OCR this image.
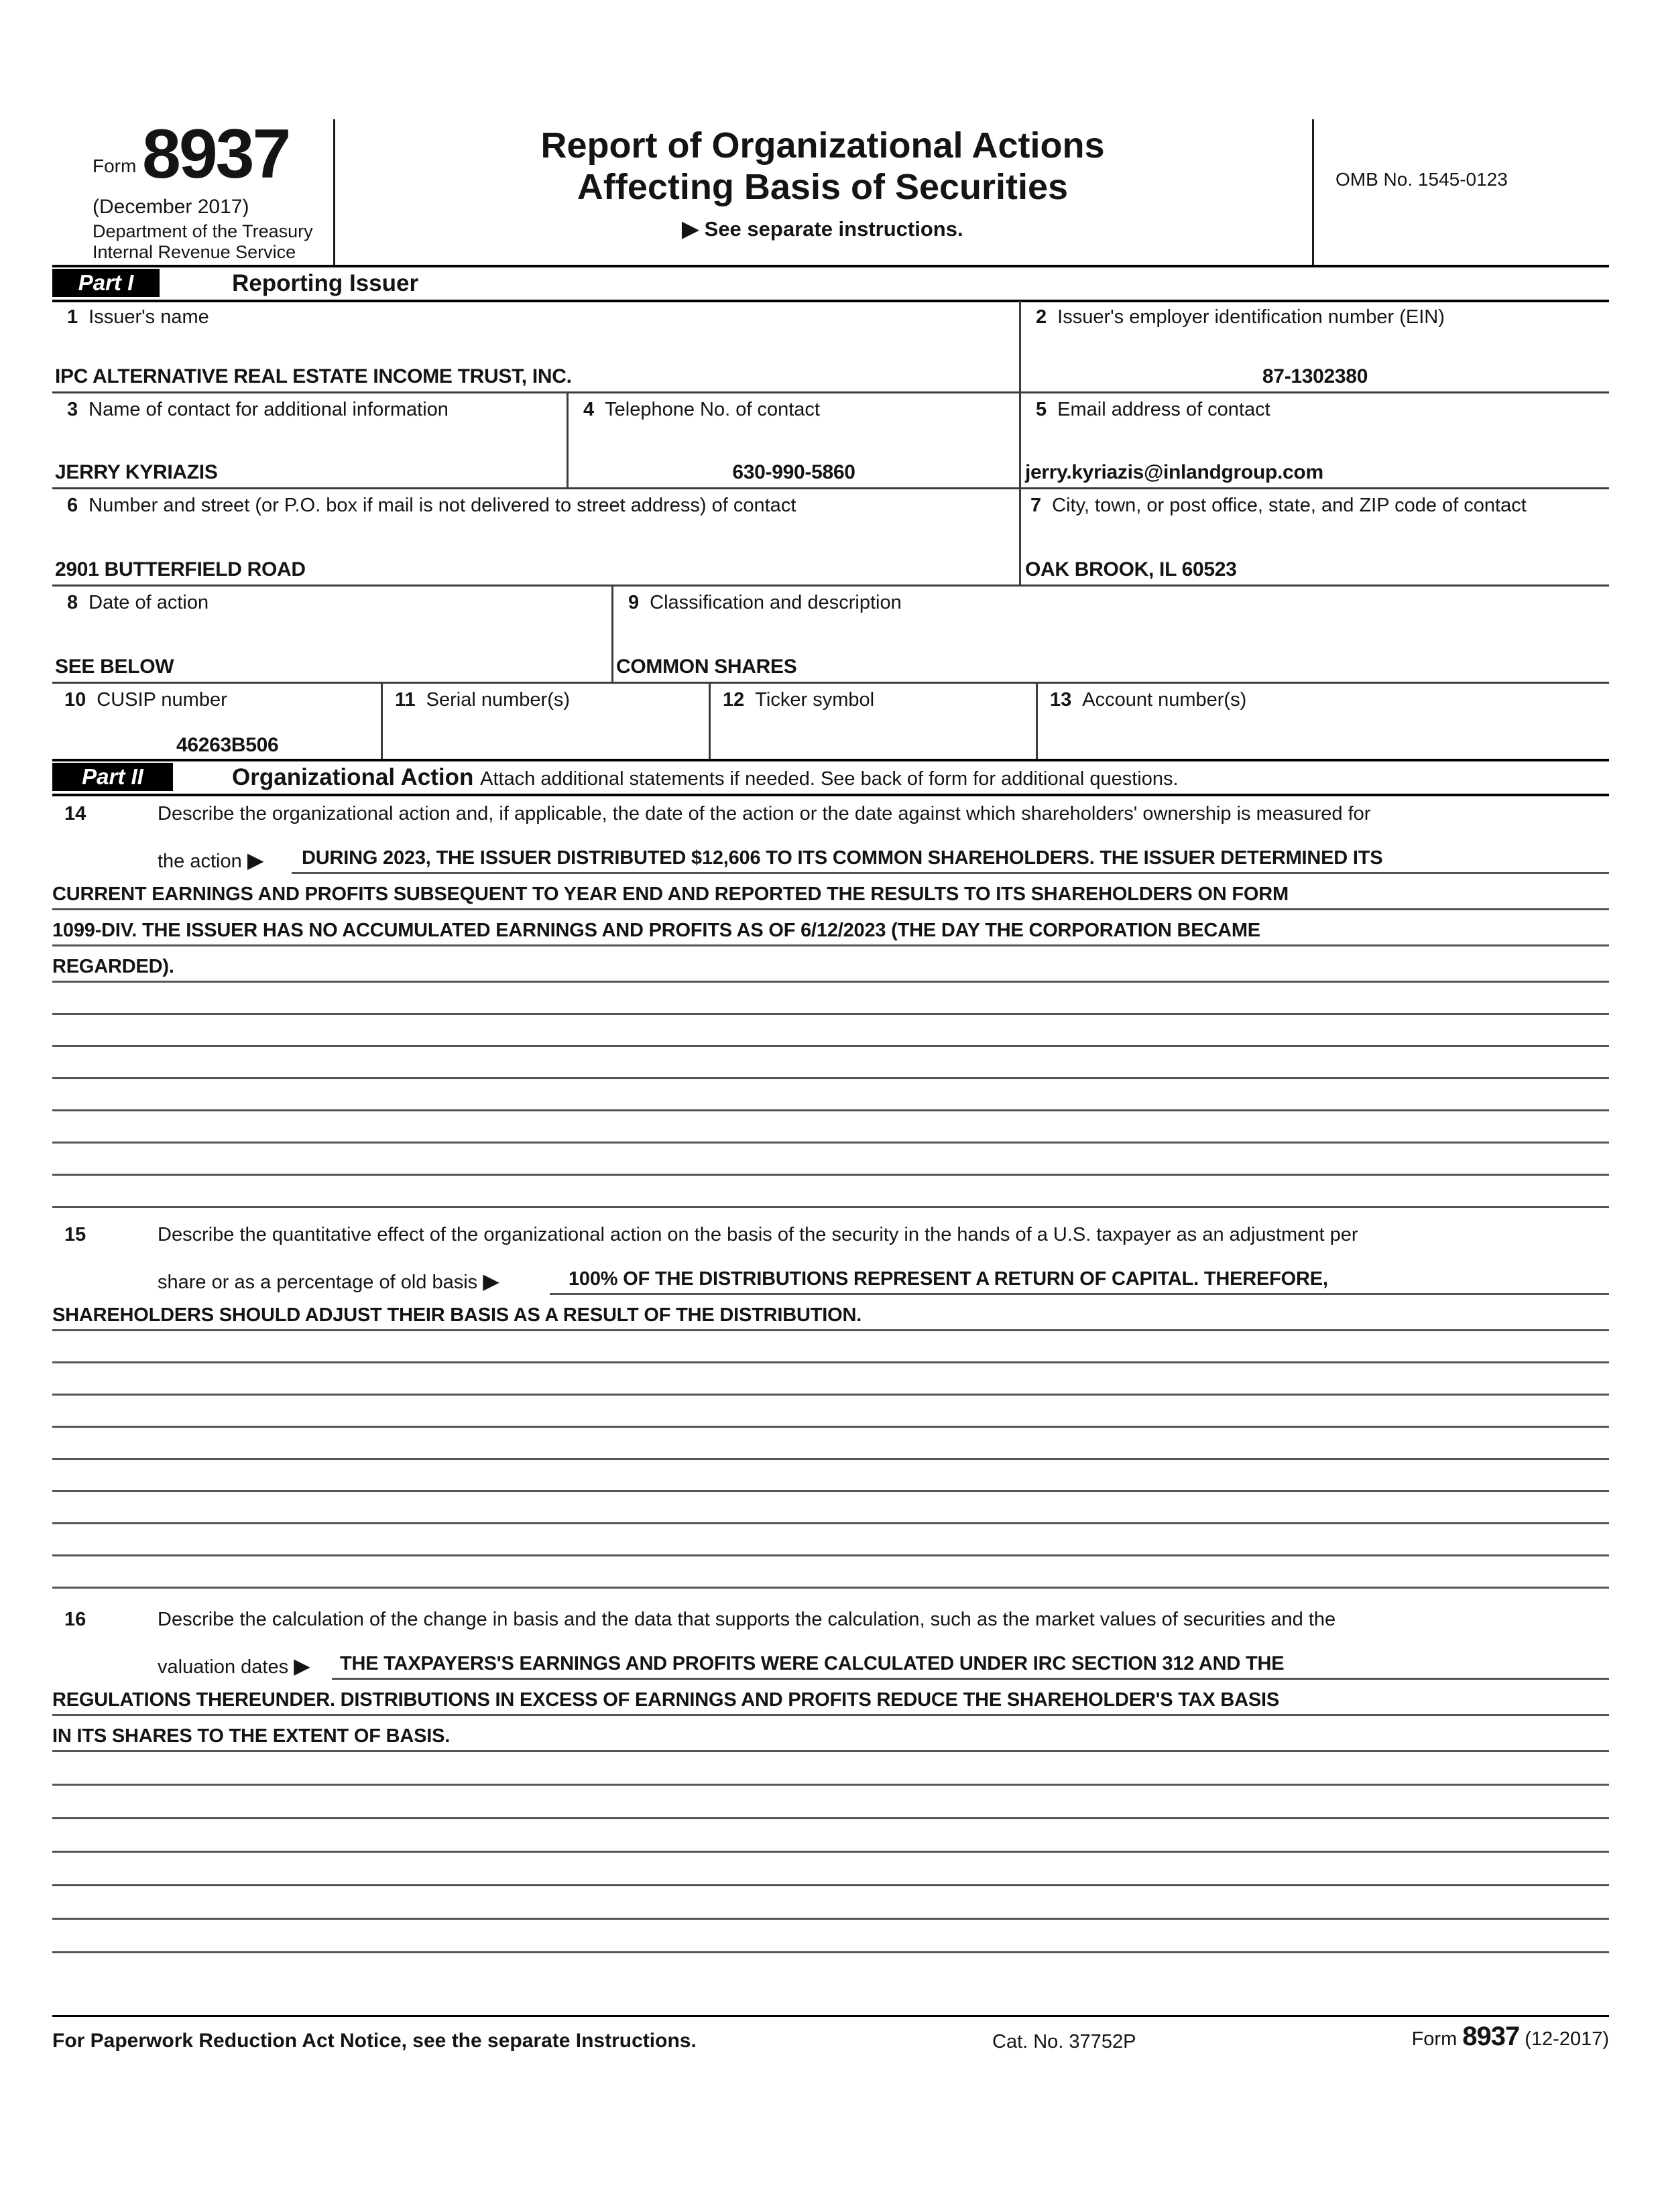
Form 8937
(December 2017)
Department of the Treasury
Internal Revenue Service
Report of Organizational Actions
Affecting Basis of Securities
▶ See separate instructions.
OMB No. 1545-0123
Part I	Reporting Issuer
1 Issuer's name
IPC ALTERNATIVE REAL ESTATE INCOME TRUST, INC.
2 Issuer's employer identification number (EIN)
87-1302380
3 Name of contact for additional information
JERRY KYRIAZIS
4 Telephone No. of contact
630-990-5860
5 Email address of contact
jerry.kyriazis@inlandgroup.com
6 Number and street (or P.O. box if mail is not delivered to street address) of contact
2901 BUTTERFIELD ROAD
7 City, town, or post office, state, and ZIP code of contact
OAK BROOK, IL 60523
8 Date of action
SEE BELOW
9 Classification and description
COMMON SHARES
10 CUSIP number
46263B506
11 Serial number(s)	12 Ticker symbol	13 Account number(s)
Part II	Organizational Action Attach additional statements if needed. See back of form for additional questions.
14	Describe the organizational action and, if applicable, the date of the action or the date against which shareholders' ownership is measured for
the action ▶ DURING 2023, THE ISSUER DISTRIBUTED $12,606 TO ITS COMMON SHAREHOLDERS. THE ISSUER DETERMINED ITS
CURRENT EARNINGS AND PROFITS SUBSEQUENT TO YEAR END AND REPORTED THE RESULTS TO ITS SHAREHOLDERS ON FORM
1099-DIV. THE ISSUER HAS NO ACCUMULATED EARNINGS AND PROFITS AS OF 6/12/2023 (THE DAY THE CORPORATION BECAME
REGARDED).
15	Describe the quantitative effect of the organizational action on the basis of the security in the hands of a U.S. taxpayer as an adjustment per
share or as a percentage of old basis ▶	100% OF THE DISTRIBUTIONS REPRESENT A RETURN OF CAPITAL. THEREFORE,
SHAREHOLDERS SHOULD ADJUST THEIR BASIS AS A RESULT OF THE DISTRIBUTION.
16	Describe the calculation of the change in basis and the data that supports the calculation, such as the market values of securities and the
valuation dates ▶ THE TAXPAYERS'S EARNINGS AND PROFITS WERE CALCULATED UNDER IRC SECTION 312 AND THE
REGULATIONS THEREUNDER. DISTRIBUTIONS IN EXCESS OF EARNINGS AND PROFITS REDUCE THE SHAREHOLDER'S TAX BASIS
IN ITS SHARES TO THE EXTENT OF BASIS.
For Paperwork Reduction Act Notice, see the separate Instructions.	Cat. No. 37752P	Form 8937 (12-2017)
